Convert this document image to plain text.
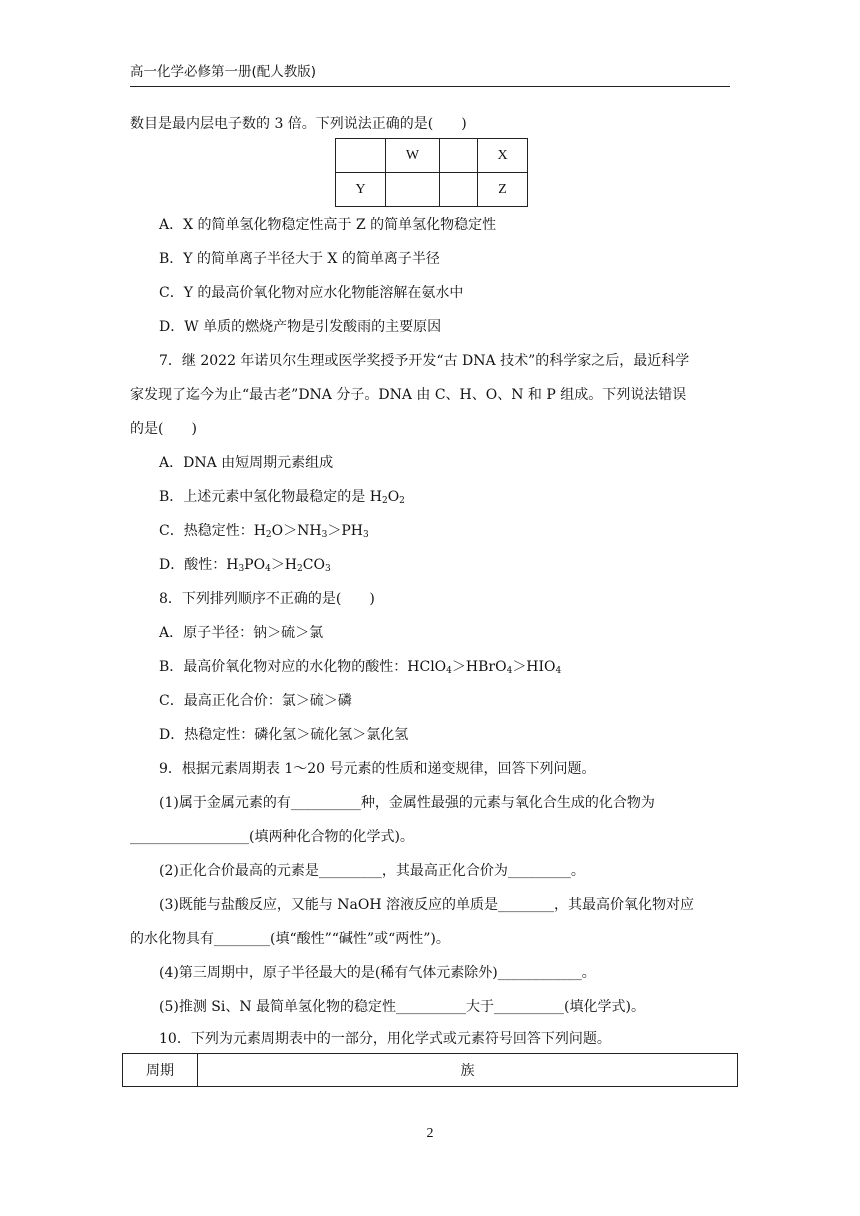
高一化学必修第一册(配人教版)
数目是最内层电子数的 3 倍。下列说法正确的是(　　)
	W		X
Y			Z
A．X 的简单氢化物稳定性高于 Z 的简单氢化物稳定性
B．Y 的简单离子半径大于 X 的简单离子半径
C．Y 的最高价氧化物对应水化物能溶解在氨水中
D．W 单质的燃烧产物是引发酸雨的主要原因
7．继 2022 年诺贝尔生理或医学奖授予开发“古 DNA 技术”的科学家之后，最近科学
家发现了迄今为止“最古老”DNA 分子。DNA 由 C、H、O、N 和 P 组成。下列说法错误
的是(　　)
A．DNA 由短周期元素组成
B．上述元素中氢化物最稳定的是 $H_2O_2$
C．热稳定性：$H_2O>NH_3>PH_3$
D．酸性：$H_3PO_4>H_2CO_3$
8．下列排列顺序不正确的是(　　)
A．原子半径：钠＞硫＞氯
B．最高价氧化物对应的水化物的酸性：$HClO_4>HBrO_4>HIO_4$
C．最高正化合价：氯＞硫＞磷
D．热稳定性：磷化氢＞硫化氢＞氯化氢
9．根据元素周期表 1～20 号元素的性质和递变规律，回答下列问题。
(1)属于金属元素的有__________种，金属性最强的元素与氧化合生成的化合物为
_________________(填两种化合物的化学式)。
(2)正化合价最高的元素是_________，其最高正化合价为_________。
(3)既能与盐酸反应，又能与 NaOH 溶液反应的单质是________，其最高价氧化物对应
的水化物具有________(填“酸性”“碱性”或“两性”)。
(4)第三周期中，原子半径最大的是(稀有气体元素除外)____________。
(5)推测 Si、N 最简单氢化物的稳定性__________大于__________(填化学式)。
10．下列为元素周期表中的一部分，用化学式或元素符号回答下列问题。
周期	族
2
